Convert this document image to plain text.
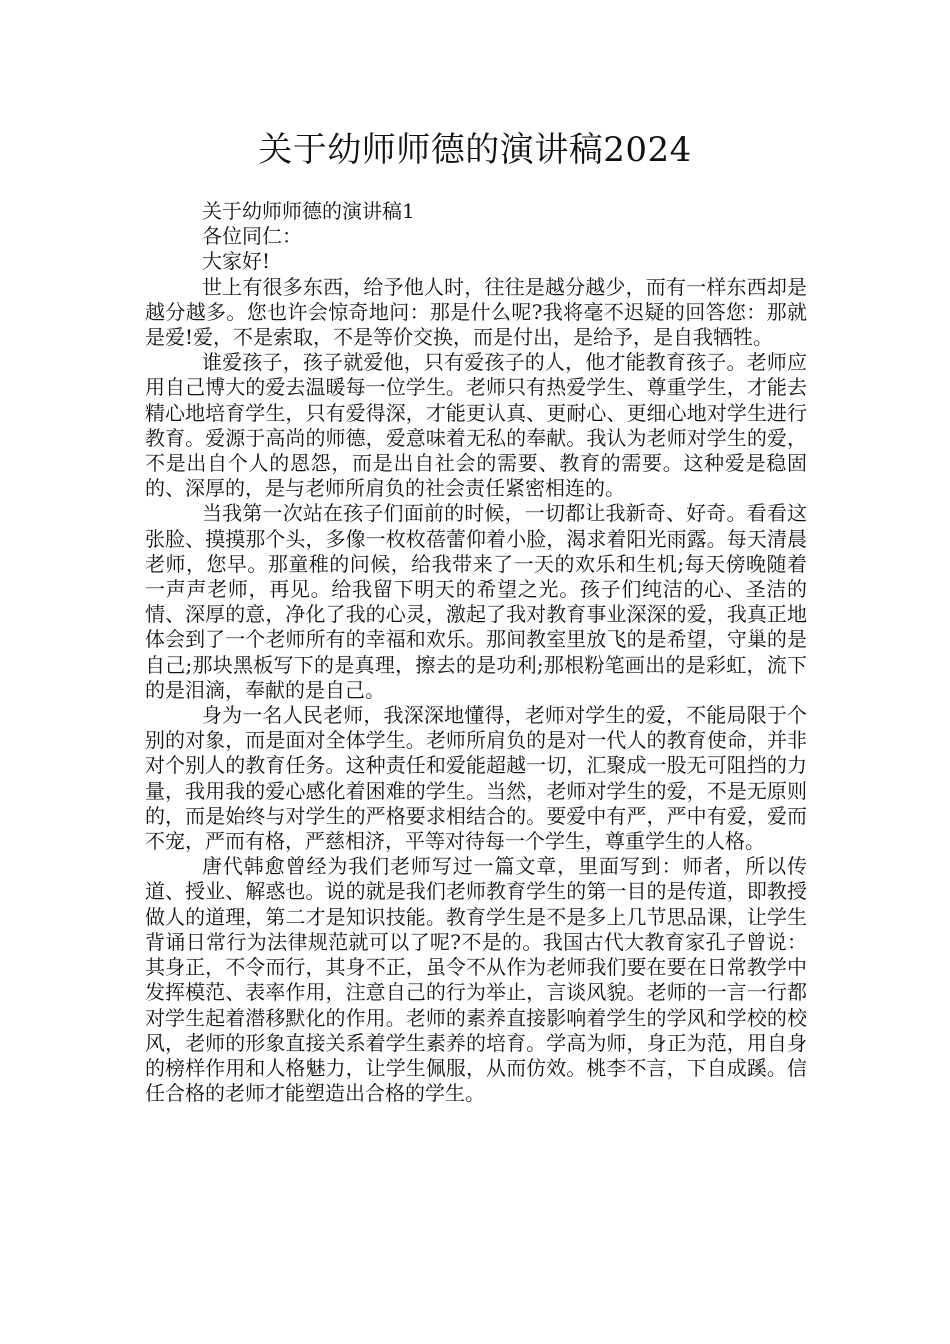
关于幼师师德的演讲稿2024

关于幼师师德的演讲稿1

各位同仁：

大家好!

世上有很多东西，给予他人时，往往是越分越少，而有一样东西却是越分越多。您也许会惊奇地问：那是什么呢?我将毫不迟疑的回答您：那就是爱!爱，不是索取，不是等价交换，而是付出，是给予，是自我牺牲。

谁爱孩子，孩子就爱他，只有爱孩子的人，他才能教育孩子。老师应用自己博大的爱去温暖每一位学生。老师只有热爱学生、尊重学生，才能去精心地培育学生，只有爱得深，才能更认真、更耐心、更细心地对学生进行教育。爱源于高尚的师德，爱意味着无私的奉献。我认为老师对学生的爱，不是出自个人的恩怨，而是出自社会的需要、教育的需要。这种爱是稳固的、深厚的，是与老师所肩负的社会责任紧密相连的。

当我第一次站在孩子们面前的时候，一切都让我新奇、好奇。看看这张脸、摸摸那个头，多像一枚枚蓓蕾仰着小脸，渴求着阳光雨露。每天清晨老师，您早。那童稚的问候，给我带来了一天的欢乐和生机;每天傍晚随着一声声老师，再见。给我留下明天的希望之光。孩子们纯洁的心、圣洁的情、深厚的意，净化了我的心灵，激起了我对教育事业深深的爱，我真正地体会到了一个老师所有的幸福和欢乐。那间教室里放飞的是希望，守巢的是自己;那块黑板写下的是真理，擦去的是功利;那根粉笔画出的是彩虹，流下的是泪滴，奉献的是自己。

身为一名人民老师，我深深地懂得，老师对学生的爱，不能局限于个别的对象，而是面对全体学生。老师所肩负的是对一代人的教育使命，并非对个别人的教育任务。这种责任和爱能超越一切，汇聚成一股无可阻挡的力量，我用我的爱心感化着困难的学生。当然，老师对学生的爱，不是无原则的，而是始终与对学生的严格要求相结合的。要爱中有严，严中有爱，爱而不宠，严而有格，严慈相济，平等对待每一个学生，尊重学生的人格。

唐代韩愈曾经为我们老师写过一篇文章，里面写到：师者，所以传道、授业、解惑也。说的就是我们老师教育学生的第一目的是传道，即教授做人的道理，第二才是知识技能。教育学生是不是多上几节思品课，让学生背诵日常行为法律规范就可以了呢?不是的。我国古代大教育家孔子曾说：其身正，不令而行，其身不正，虽令不从作为老师我们要在要在日常教学中发挥模范、表率作用，注意自己的行为举止，言谈风貌。老师的一言一行都对学生起着潜移默化的作用。老师的素养直接影响着学生的学风和学校的校风，老师的形象直接关系着学生素养的培育。学高为师，身正为范，用自身的榜样作用和人格魅力，让学生佩服，从而仿效。桃李不言，下自成蹊。信任合格的老师才能塑造出合格的学生。
